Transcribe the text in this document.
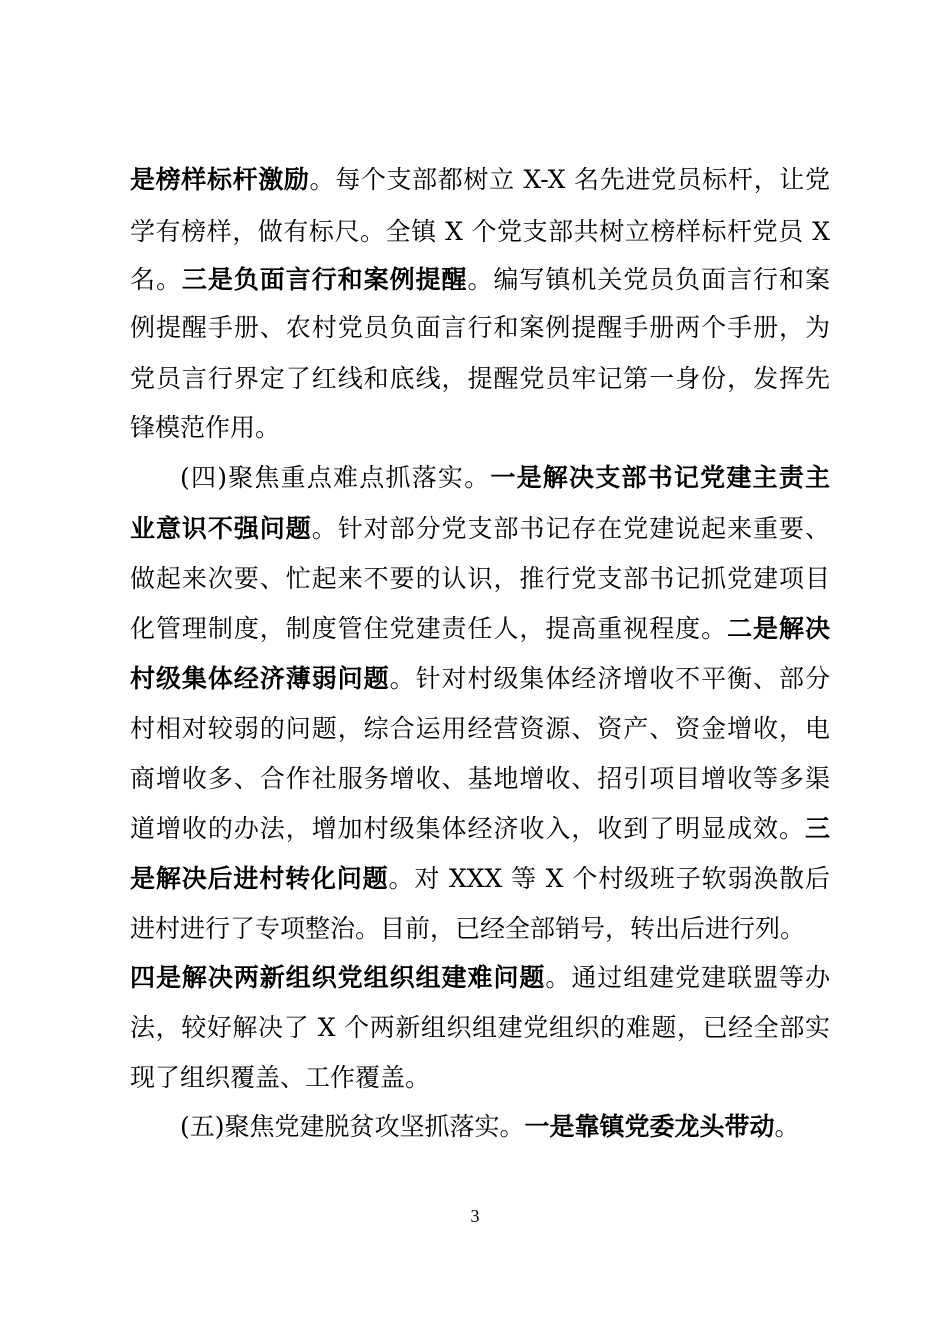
是榜样标杆激励。每个支部都树立 X-X 名先进党员标杆，让党
学有榜样，做有标尺。全镇 X 个党支部共树立榜样标杆党员 X
名。三是负面言行和案例提醒。编写镇机关党员负面言行和案
例提醒手册、农村党员负面言行和案例提醒手册两个手册，为
党员言行界定了红线和底线，提醒党员牢记第一身份，发挥先
锋模范作用。
(四)聚焦重点难点抓落实。一是解决支部书记党建主责主
业意识不强问题。针对部分党支部书记存在党建说起来重要、
做起来次要、忙起来不要的认识，推行党支部书记抓党建项目
化管理制度，制度管住党建责任人，提高重视程度。二是解决
村级集体经济薄弱问题。针对村级集体经济增收不平衡、部分
村相对较弱的问题，综合运用经营资源、资产、资金增收，电
商增收多、合作社服务增收、基地增收、招引项目增收等多渠
道增收的办法，增加村级集体经济收入，收到了明显成效。三
是解决后进村转化问题。对 XXX 等 X 个村级班子软弱涣散后
进村进行了专项整治。目前，已经全部销号，转出后进行列。
四是解决两新组织党组织组建难问题。通过组建党建联盟等办
法，较好解决了 X 个两新组织组建党组织的难题，已经全部实
现了组织覆盖、工作覆盖。
(五)聚焦党建脱贫攻坚抓落实。一是靠镇党委龙头带动。
3
